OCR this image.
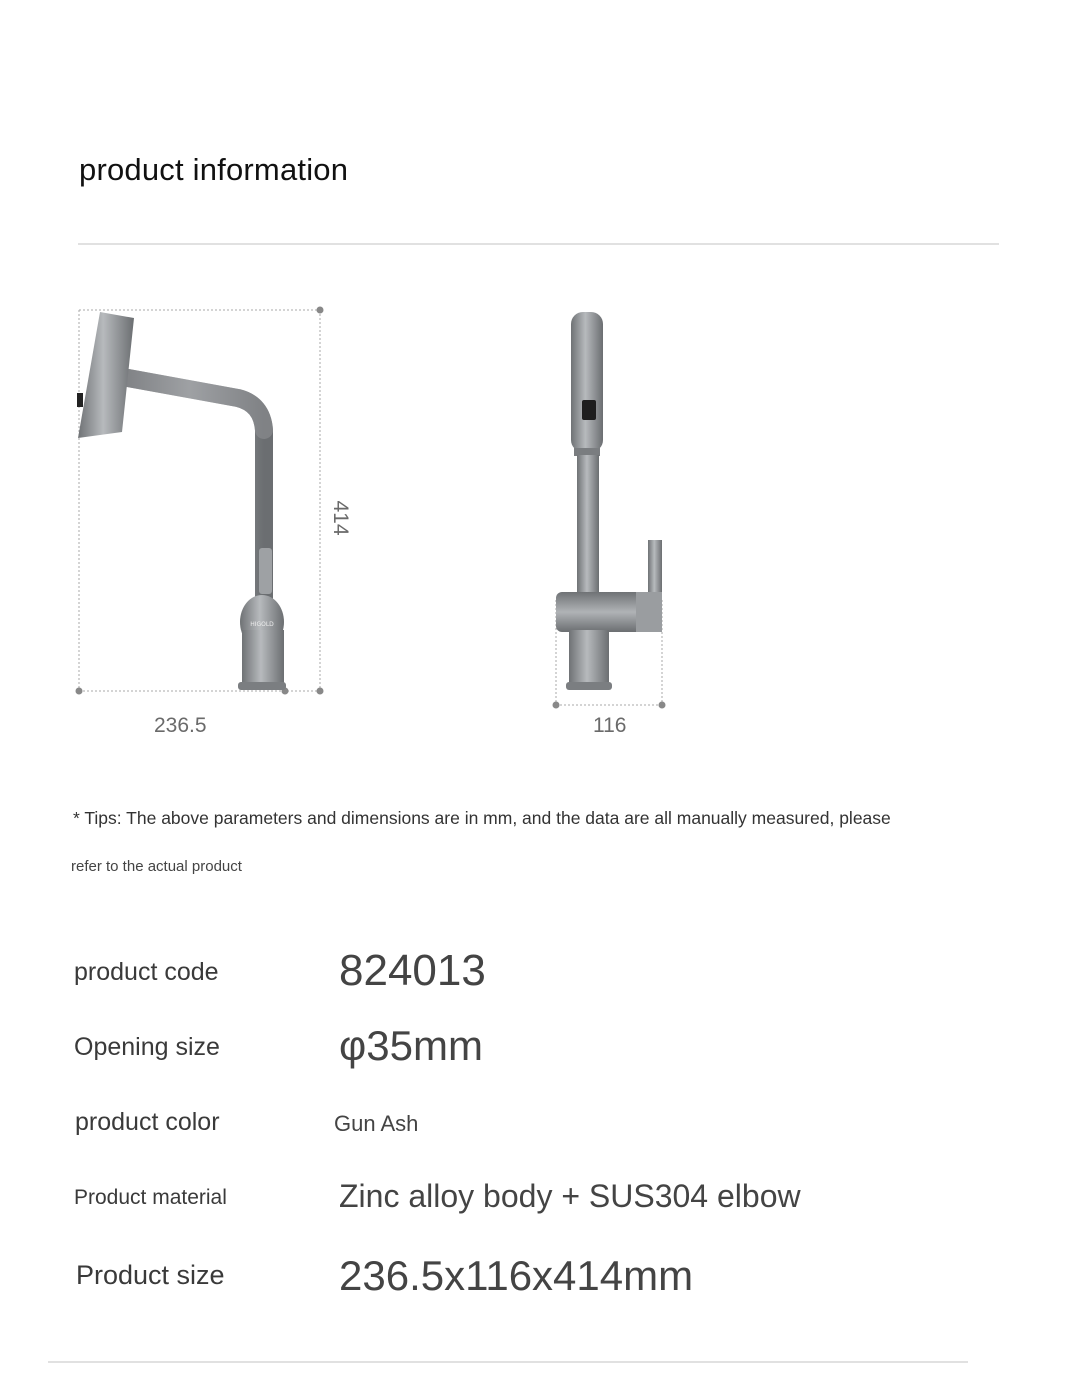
product information
HIGOLD
236.5	116
414
* Tips: The above parameters and dimensions are in mm, and the data are all manually measured, please
refer to the actual product
product code	824013
Opening size	φ35mm
product color	Gun Ash
Product material	Zinc alloy body + SUS304 elbow
Product size	236.5x116x414mm
